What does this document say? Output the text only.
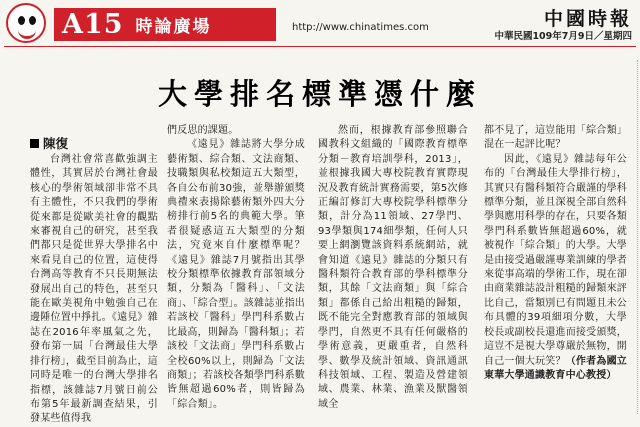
A15 時論廣場	http://www.chinatimes.com	中國時報
中華民國109年7月9日／星期四
大學排名標準憑什麼
陳復

台灣社會常喜歡強調主體性，其實居於台灣社會最核心的學術領域卻非常不具有主體性，不只我們的學術從來都是從歐美社會的觀點來審視自己的研究，甚至我們都只是從世界大學排名中來看見自己的位置，這使得台灣高等教育不只長期無法發展出自己的特色，甚至只能在歐美視角中勉強自己在邊陲位置中掙扎。《遠見》雜誌在2016年率風氣之先，發布第一屆「台灣最佳大學排行榜」，截至目前為止，這同時是唯一的台灣大學排名指標，該雜誌7月號日前公布第5年最新調查結果，引發某些值得我

們反思的課題。

《遠見》雜誌將大學分成藝術類、綜合類、文法商類、技職類與私校類這五大類型，各自公布前30強，並舉辦頒獎典禮來表揚除藝術類外四大分榜排行前5名的典範大學。筆者很疑惑這五大類型的分類法，究竟來自什麼標準呢？《遠見》雜誌7月號指出其學校分類標準依據教育部領域分類，分類為「醫科」、「文法商」、「綜合型」。該雜誌並指出若該校「醫科」學門科系數占比最高，則歸為「醫科類」；若該校「文法商」學門科系數占全校60%以上，則歸為「文法商類」；若該校各類學門科系數皆無超過60%者，則皆歸為「綜合類」。

然而，根據教育部參照聯合國教科文組織的「國際教育標準分類－教育培訓學科，2013」，並根據我國大專校院教育實際現況及教育統計實務需要，第5次修正編訂修訂大專校院學科標準分類，計分為11領域、27學門、93學類與174細學類，任何人只要上網瀏覽該資料系統網站，就會知道《遠見》雜誌的分類只有醫科類符合教育部的學科標準分類，其餘「文法商類」與「綜合類」都係自己給出粗糙的歸類，既不能完全對應教育部的領域與學門，自然更不具有任何嚴格的學術意義，更嚴重者，自然科學、數學及統計領域、資訊通訊科技領域、工程、製造及營建領域、農業、林業、漁業及獸醫領域全

都不見了，這豈能用「綜合類」混在一起評比呢？

因此，《遠見》雜誌每年公布的「台灣最佳大學排行榜」，其實只有醫科類符合嚴謹的學科標準分類，並且深視全部自然科學與應用科學的存在，只要各類學門科系數皆無超過60%，就被視作「綜合類」的大學。大學是由接受過嚴謹專業訓練的學者來從事高端的學術工作，現在卻由商業雜誌設計粗糙的歸類來評比自己，當類別已有問題且未公布具體的39項細項分數，大學校長或副校長還進而接受頒獎，這豈不是視大學尊嚴於無物，開自己一個大玩笑？（作者為國立東華大學通識教育中心教授）
